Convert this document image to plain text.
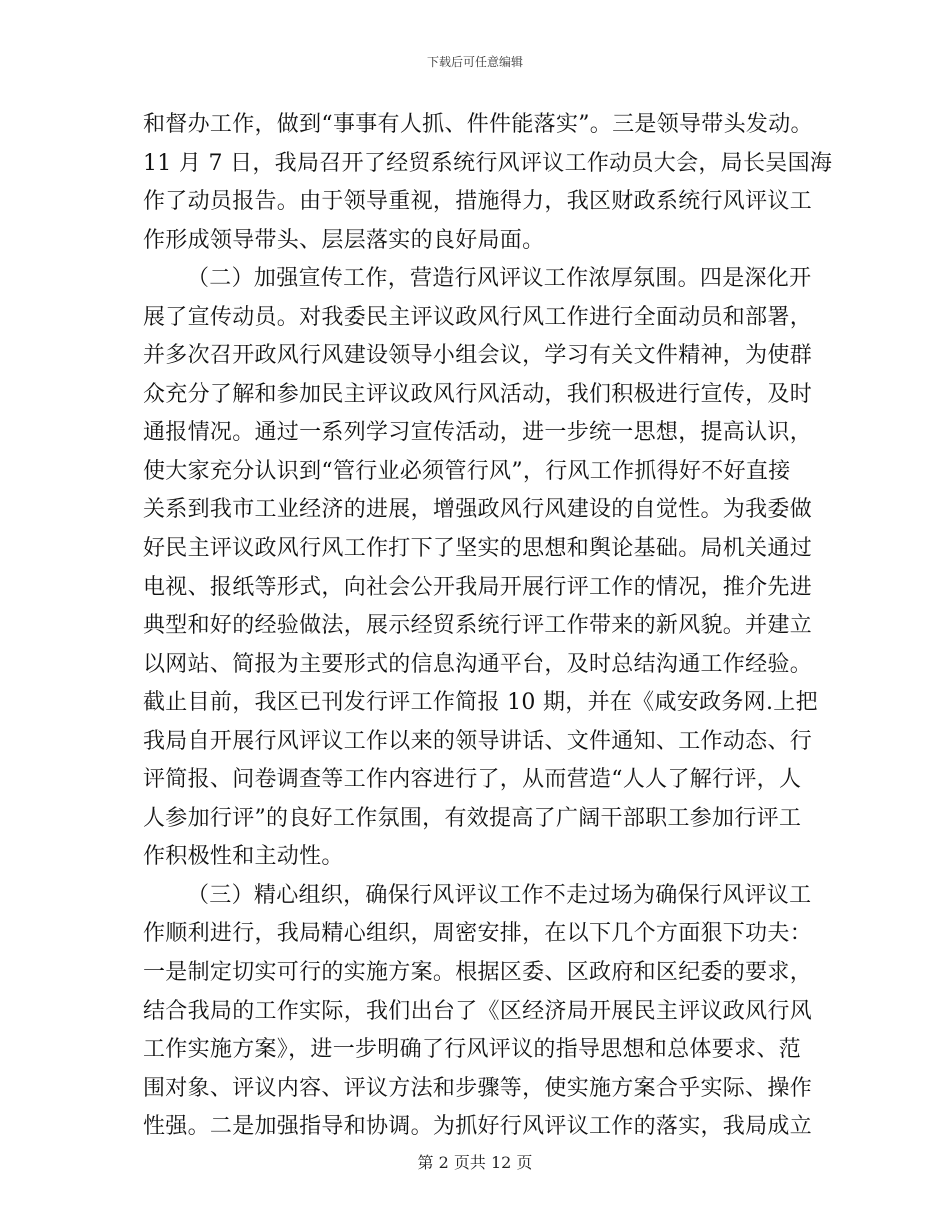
下载后可任意编辑
和督办工作，做到“事事有人抓、件件能落实”。三是领导带头发动。
11 月 7 日，我局召开了经贸系统行风评议工作动员大会，局长吴国海
作了动员报告。由于领导重视，措施得力，我区财政系统行风评议工
作形成领导带头、层层落实的良好局面。
（二）加强宣传工作，营造行风评议工作浓厚氛围。四是深化开
展了宣传动员。对我委民主评议政风行风工作进行全面动员和部署，
并多次召开政风行风建设领导小组会议，学习有关文件精神，为使群
众充分了解和参加民主评议政风行风活动，我们积极进行宣传，及时
通报情况。通过一系列学习宣传活动，进一步统一思想，提高认识，
使大家充分认识到“管行业必须管行风”，行风工作抓得好不好直接
关系到我市工业经济的进展，增强政风行风建设的自觉性。为我委做
好民主评议政风行风工作打下了坚实的思想和舆论基础。局机关通过
电视、报纸等形式，向社会公开我局开展行评工作的情况，推介先进
典型和好的经验做法，展示经贸系统行评工作带来的新风貌。并建立
以网站、简报为主要形式的信息沟通平台，及时总结沟通工作经验。
截止目前，我区已刊发行评工作简报 10 期，并在《咸安政务网.上把
我局自开展行风评议工作以来的领导讲话、文件通知、工作动态、行
评简报、问卷调查等工作内容进行了，从而营造“人人了解行评，人
人参加行评”的良好工作氛围，有效提高了广阔干部职工参加行评工
作积极性和主动性。
（三）精心组织，确保行风评议工作不走过场为确保行风评议工
作顺利进行，我局精心组织，周密安排，在以下几个方面狠下功夫：
一是制定切实可行的实施方案。根据区委、区政府和区纪委的要求，
结合我局的工作实际，我们出台了《区经济局开展民主评议政风行风
工作实施方案》，进一步明确了行风评议的指导思想和总体要求、范
围对象、评议内容、评议方法和步骤等，使实施方案合乎实际、操作
性强。二是加强指导和协调。为抓好行风评议工作的落实，我局成立
第 2 页共 12 页
